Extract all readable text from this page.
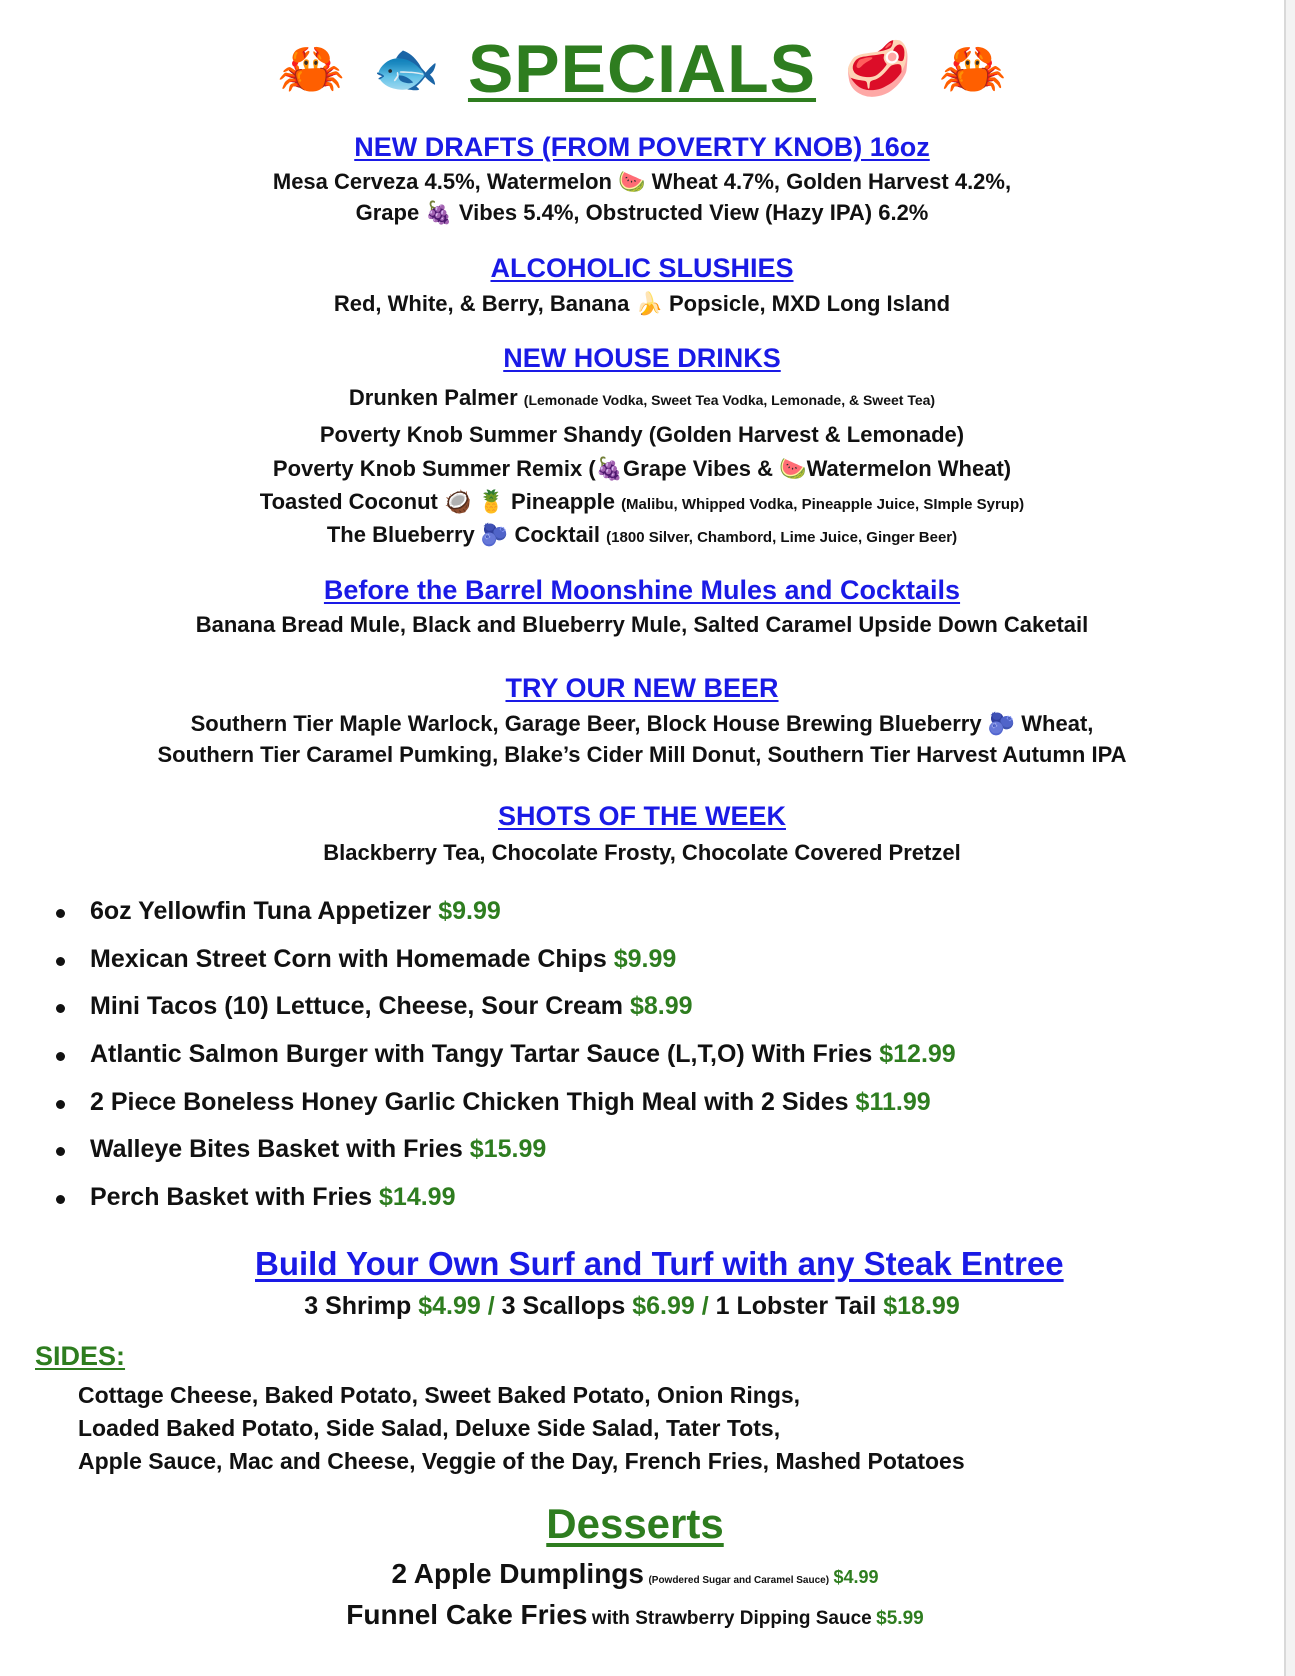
🦀 🐟 SPECIALS 🥩 🦀
NEW DRAFTS (FROM POVERTY KNOB) 16oz
Mesa Cerveza 4.5%, Watermelon 🍉 Wheat 4.7%, Golden Harvest 4.2%,
Grape 🍇 Vibes 5.4%, Obstructed View (Hazy IPA) 6.2%
ALCOHOLIC SLUSHIES
Red, White, & Berry, Banana 🍌 Popsicle, MXD Long Island
NEW HOUSE DRINKS
Drunken Palmer (Lemonade Vodka, Sweet Tea Vodka, Lemonade, & Sweet Tea)
Poverty Knob Summer Shandy (Golden Harvest & Lemonade)
Poverty Knob Summer Remix (🍇Grape Vibes & 🍉Watermelon Wheat)
Toasted Coconut 🥥 🍍 Pineapple (Malibu, Whipped Vodka, Pineapple Juice, SImple Syrup)
The Blueberry 🫐 Cocktail (1800 Silver, Chambord, Lime Juice, Ginger Beer)
Before the Barrel Moonshine Mules and Cocktails
Banana Bread Mule, Black and Blueberry Mule, Salted Caramel Upside Down Caketail
TRY OUR NEW BEER
Southern Tier Maple Warlock, Garage Beer, Block House Brewing Blueberry 🫐 Wheat,
Southern Tier Caramel Pumking, Blake’s Cider Mill Donut, Southern Tier Harvest Autumn IPA
SHOTS OF THE WEEK
Blackberry Tea, Chocolate Frosty, Chocolate Covered Pretzel
6oz Yellowfin Tuna Appetizer $9.99
Mexican Street Corn with Homemade Chips $9.99
Mini Tacos (10) Lettuce, Cheese, Sour Cream $8.99
Atlantic Salmon Burger with Tangy Tartar Sauce (L,T,O) With Fries $12.99
2 Piece Boneless Honey Garlic Chicken Thigh Meal with 2 Sides $11.99
Walleye Bites Basket with Fries $15.99
Perch Basket with Fries $14.99
Build Your Own Surf and Turf with any Steak Entree
3 Shrimp $4.99 / 3 Scallops $6.99 / 1 Lobster Tail $18.99
SIDES:
Cottage Cheese, Baked Potato, Sweet Baked Potato, Onion Rings,
Loaded Baked Potato, Side Salad, Deluxe Side Salad, Tater Tots,
Apple Sauce, Mac and Cheese, Veggie of the Day, French Fries, Mashed Potatoes
Desserts
2 Apple Dumplings (Powdered Sugar and Caramel Sauce) $4.99
Funnel Cake Fries with Strawberry Dipping Sauce $5.99
